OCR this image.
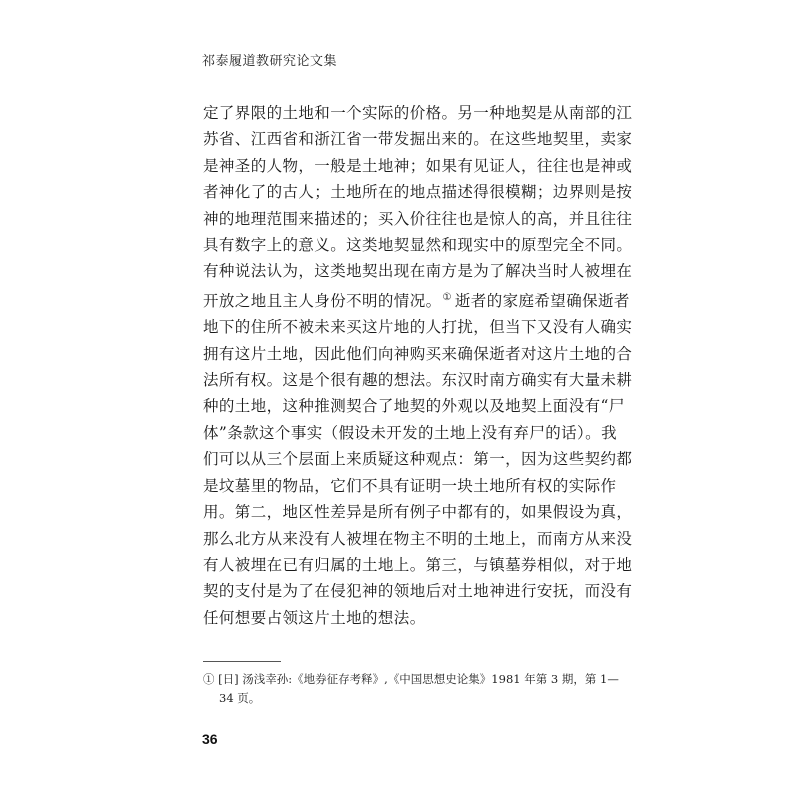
祁泰履道教研究论文集
定了界限的土地和一个实际的价格。另一种地契是从南部的江
苏省、江西省和浙江省一带发掘出来的。在这些地契里，卖家
是神圣的人物，一般是土地神；如果有见证人，往往也是神或
者神化了的古人；土地所在的地点描述得很模糊；边界则是按
神的地理范围来描述的；买入价往往也是惊人的高，并且往往
具有数字上的意义。这类地契显然和现实中的原型完全不同。
有种说法认为，这类地契出现在南方是为了解决当时人被埋在
开放之地且主人身份不明的情况。① 逝者的家庭希望确保逝者
地下的住所不被未来买这片地的人打扰，但当下又没有人确实
拥有这片土地，因此他们向神购买来确保逝者对这片土地的合
法所有权。这是个很有趣的想法。东汉时南方确实有大量未耕
种的土地，这种推测契合了地契的外观以及地契上面没有“尸
体”条款这个事实（假设未开发的土地上没有弃尸的话）。我
们可以从三个层面上来质疑这种观点：第一，因为这些契约都
是坟墓里的物品，它们不具有证明一块土地所有权的实际作
用。第二，地区性差异是所有例子中都有的，如果假设为真，
那么北方从来没有人被埋在物主不明的土地上，而南方从来没
有人被埋在已有归属的土地上。第三，与镇墓券相似，对于地
契的支付是为了在侵犯神的领地后对土地神进行安抚，而没有
任何想要占领这片土地的想法。
① [日] 汤浅幸孙:《地券征存考释》,《中国思想史论集》1981 年第 3 期，第 1—
34 页。
36
